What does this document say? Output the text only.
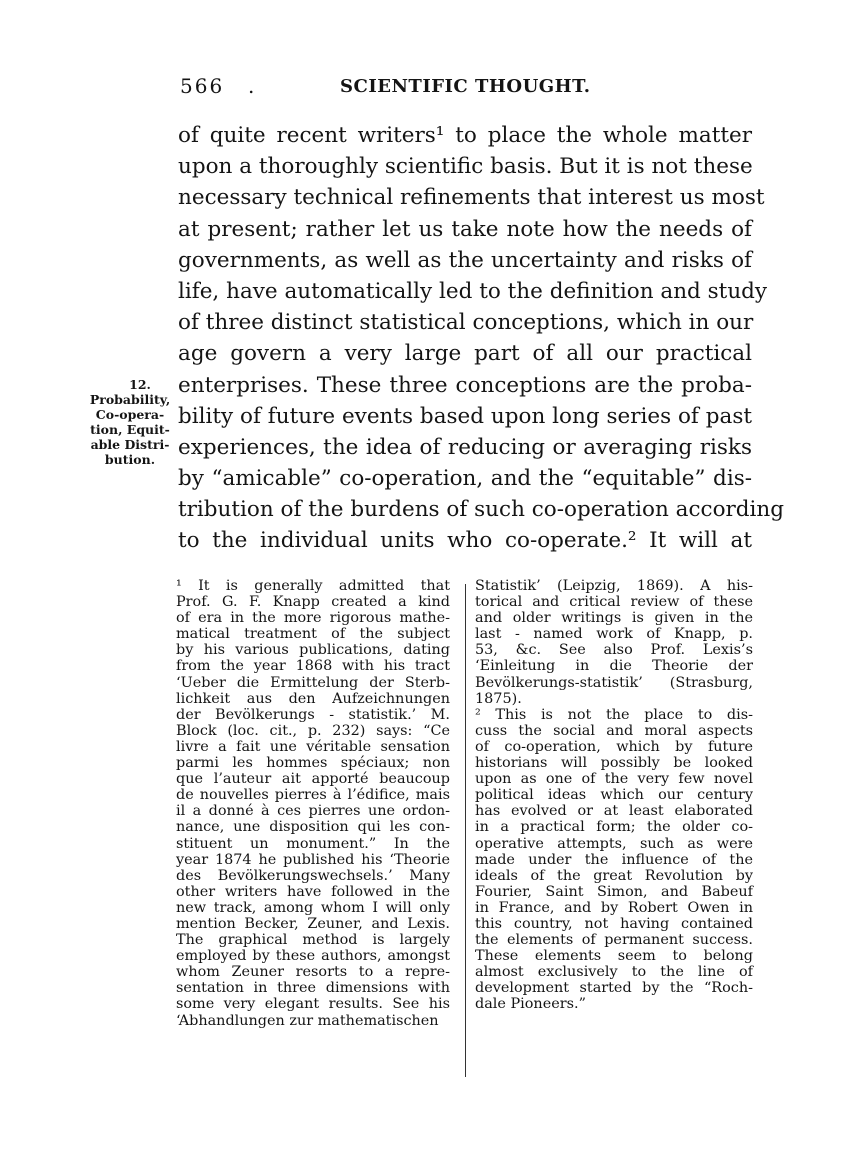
566 .	SCIENTIFIC THOUGHT.
of quite recent writers¹ to place the whole matter
upon a thoroughly scientific basis. But it is not these
necessary technical refinements that interest us most
at present; rather let us take note how the needs of
governments, as well as the uncertainty and risks of
life, have automatically led to the definition and study
of three distinct statistical conceptions, which in our
age govern a very large part of all our practical
enterprises. These three conceptions are the proba-
bility of future events based upon long series of past
experiences, the idea of reducing or averaging risks
by “amicable” co-operation, and the “equitable” dis-
tribution of the burdens of such co-operation according
to the individual units who co-operate.² It will at
12.
Probability,
Co-opera-
tion, Equit-
able Distri-
bution.
¹ It is generally admitted that
Prof. G. F. Knapp created a kind
of era in the more rigorous mathe-
matical treatment of the subject
by his various publications, dating
from the year 1868 with his tract
‘Ueber die Ermittelung der Sterb-
lichkeit aus den Aufzeichnungen
der Bevölkerungs - statistik.’ M.
Block (loc. cit., p. 232) says: “Ce
livre a fait une véritable sensation
parmi les hommes spéciaux; non
que l’auteur ait apporté beaucoup
de nouvelles pierres à l’édifice, mais
il a donné à ces pierres une ordon-
nance, une disposition qui les con-
stituent un monument.” In the
year 1874 he published his ‘Theorie
des Bevölkerungswechsels.’ Many
other writers have followed in the
new track, among whom I will only
mention Becker, Zeuner, and Lexis.
The graphical method is largely
employed by these authors, amongst
whom Zeuner resorts to a repre-
sentation in three dimensions with
some very elegant results. See his
‘Abhandlungen zur mathematischen
Statistik’ (Leipzig, 1869). A his-
torical and critical review of these
and older writings is given in the
last - named work of Knapp, p.
53, &c. See also Prof. Lexis’s
‘Einleitung in die Theorie der
Bevölkerungs-statistik’ (Strasburg,
1875).
² This is not the place to dis-
cuss the social and moral aspects
of co-operation, which by future
historians will possibly be looked
upon as one of the very few novel
political ideas which our century
has evolved or at least elaborated
in a practical form; the older co-
operative attempts, such as were
made under the influence of the
ideals of the great Revolution by
Fourier, Saint Simon, and Babeuf
in France, and by Robert Owen in
this country, not having contained
the elements of permanent success.
These elements seem to belong
almost exclusively to the line of
development started by the “Roch-
dale Pioneers.”
